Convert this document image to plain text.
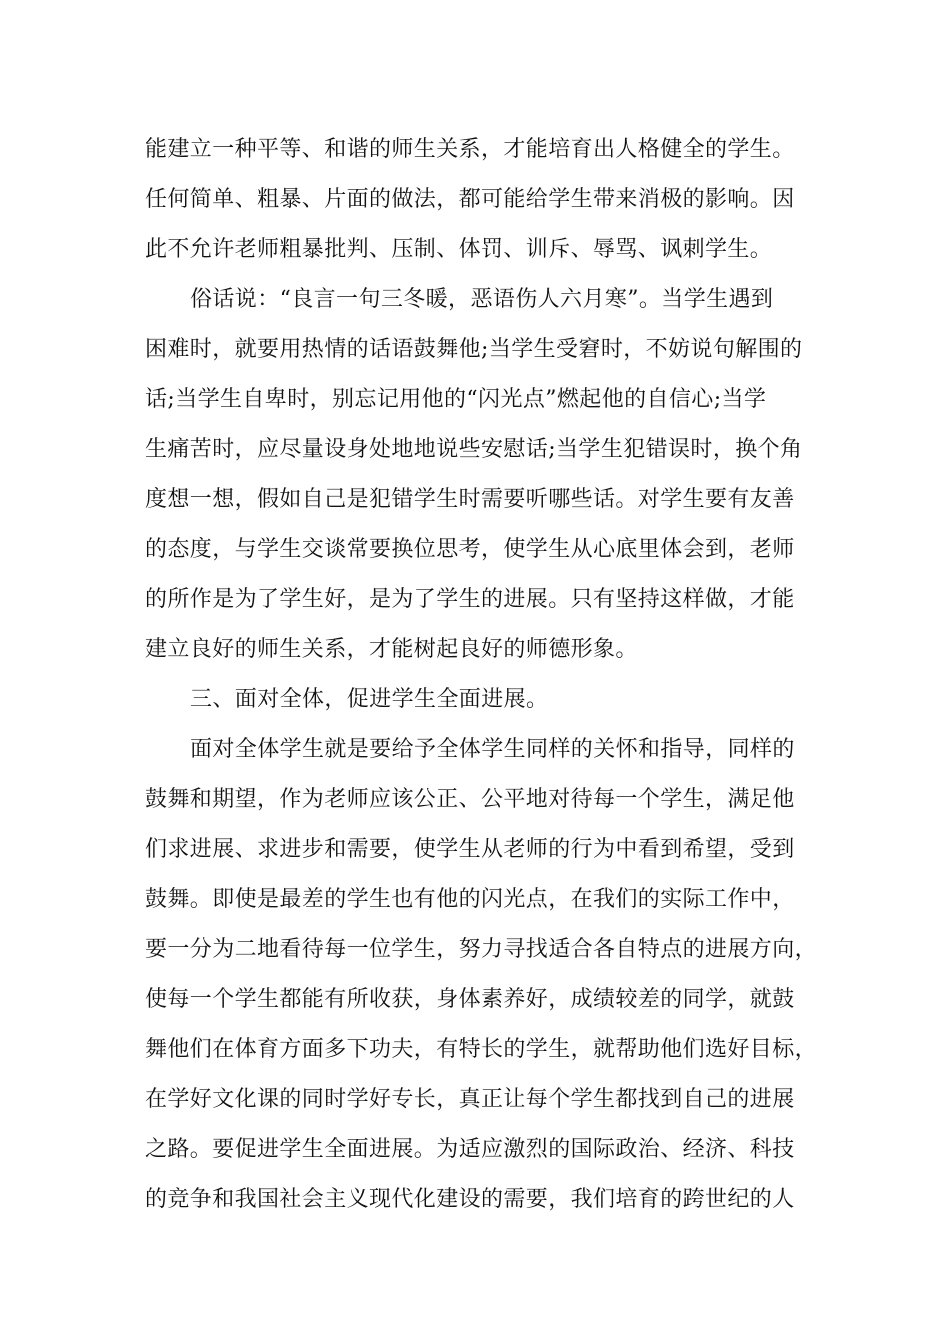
能建立一种平等、和谐的师生关系，才能培育出人格健全的学生。
任何简单、粗暴、片面的做法，都可能给学生带来消极的影响。因
此不允许老师粗暴批判、压制、体罚、训斥、辱骂、讽刺学生。
俗话说：“良言一句三冬暖，恶语伤人六月寒”。当学生遇到
困难时，就要用热情的话语鼓舞他;当学生受窘时，不妨说句解围的
话;当学生自卑时，别忘记用他的“闪光点”燃起他的自信心;当学
生痛苦时，应尽量设身处地地说些安慰话;当学生犯错误时，换个角
度想一想，假如自己是犯错学生时需要听哪些话。对学生要有友善
的态度，与学生交谈常要换位思考，使学生从心底里体会到，老师
的所作是为了学生好，是为了学生的进展。只有坚持这样做，才能
建立良好的师生关系，才能树起良好的师德形象。
三、面对全体，促进学生全面进展。
面对全体学生就是要给予全体学生同样的关怀和指导，同样的
鼓舞和期望，作为老师应该公正、公平地对待每一个学生，满足他
们求进展、求进步和需要，使学生从老师的行为中看到希望，受到
鼓舞。即使是最差的学生也有他的闪光点，在我们的实际工作中，
要一分为二地看待每一位学生，努力寻找适合各自特点的进展方向，
使每一个学生都能有所收获，身体素养好，成绩较差的同学，就鼓
舞他们在体育方面多下功夫，有特长的学生，就帮助他们选好目标，
在学好文化课的同时学好专长，真正让每个学生都找到自己的进展
之路。要促进学生全面进展。为适应激烈的国际政治、经济、科技
的竞争和我国社会主义现代化建设的需要，我们培育的跨世纪的人
